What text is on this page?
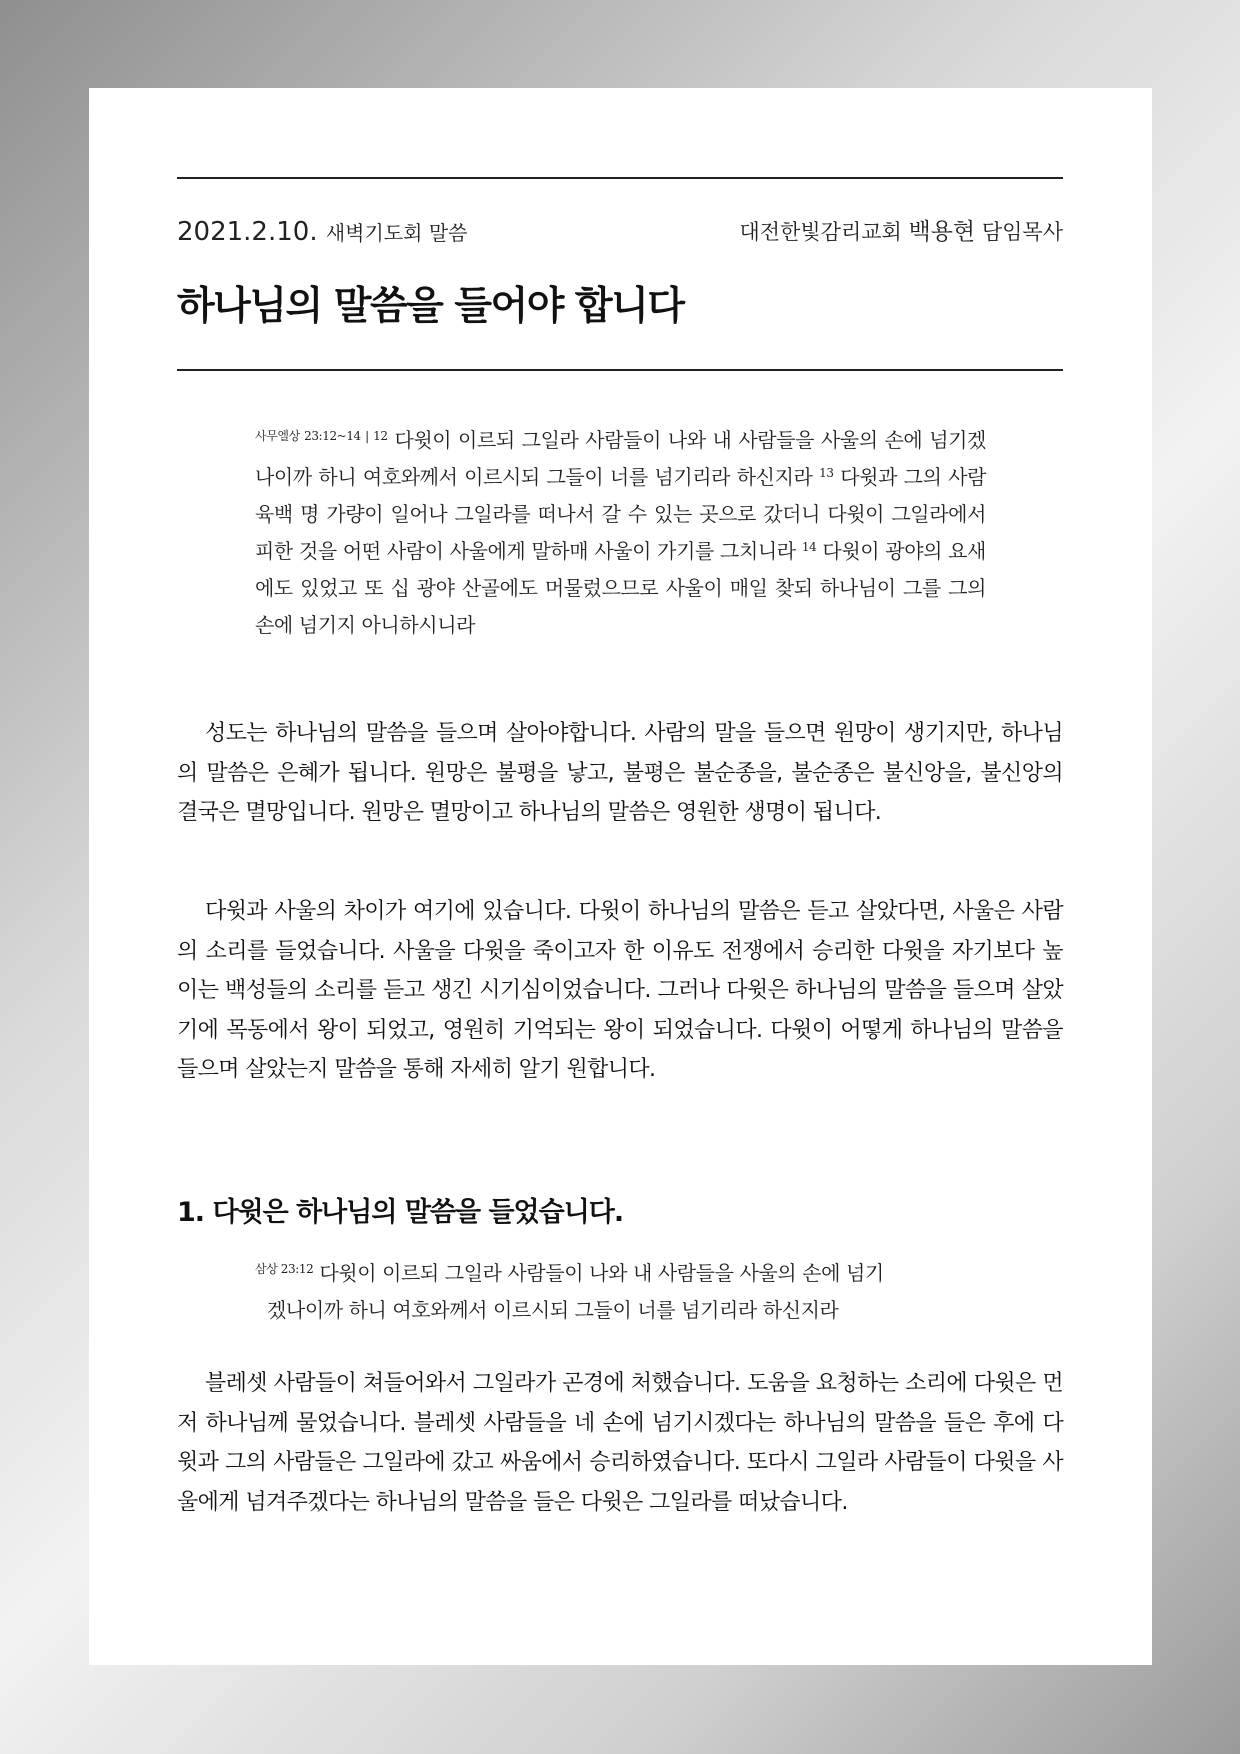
2021.2.10. 새벽기도회 말씀	대전한빛감리교회 백용현 담임목사
하나님의 말씀을 들어야 합니다
$^{사무엘상 23:12\sim 14 | 12}$ 다윗이 이르되 그일라 사람들이 나와 내 사람들을 사울의 손에 넘기겠나이까 하니 여호와께서 이르시되 그들이 너를 넘기리라 하신지라 $^{13}$ 다윗과 그의 사람 육백 명 가량이 일어나 그일라를 떠나서 갈 수 있는 곳으로 갔더니 다윗이 그일라에서 피한 것을 어떤 사람이 사울에게 말하매 사울이 가기를 그치니라 $^{14}$ 다윗이 광야의 요새에도 있었고 또 십 광야 산골에도 머물렀으므로 사울이 매일 찾되 하나님이 그를 그의 손에 넘기지 아니하시니라

성도는 하나님의 말씀을 들으며 살아야합니다. 사람의 말을 들으면 원망이 생기지만, 하나님의 말씀은 은혜가 됩니다. 원망은 불평을 낳고, 불평은 불순종을, 불순종은 불신앙을, 불신앙의 결국은 멸망입니다. 원망은 멸망이고 하나님의 말씀은 영원한 생명이 됩니다.

다윗과 사울의 차이가 여기에 있습니다. 다윗이 하나님의 말씀은 듣고 살았다면, 사울은 사람의 소리를 들었습니다. 사울을 다윗을 죽이고자 한 이유도 전쟁에서 승리한 다윗을 자기보다 높이는 백성들의 소리를 듣고 생긴 시기심이었습니다. 그러나 다윗은 하나님의 말씀을 들으며 살았기에 목동에서 왕이 되었고, 영원히 기억되는 왕이 되었습니다. 다윗이 어떻게 하나님의 말씀을 들으며 살았는지 말씀을 통해 자세히 알기 원합니다.

1. 다윗은 하나님의 말씀을 들었습니다.
$^{삼상 23:12}$ 다윗이 이르되 그일라 사람들이 나와 내 사람들을 사울의 손에 넘기
겠나이까 하니 여호와께서 이르시되 그들이 너를 넘기리라 하신지라

블레셋 사람들이 쳐들어와서 그일라가 곤경에 처했습니다. 도움을 요청하는 소리에 다윗은 먼저 하나님께 물었습니다. 블레셋 사람들을 네 손에 넘기시겠다는 하나님의 말씀을 들은 후에 다윗과 그의 사람들은 그일라에 갔고 싸움에서 승리하였습니다. 또다시 그일라 사람들이 다윗을 사울에게 넘겨주겠다는 하나님의 말씀을 들은 다윗은 그일라를 떠났습니다.
